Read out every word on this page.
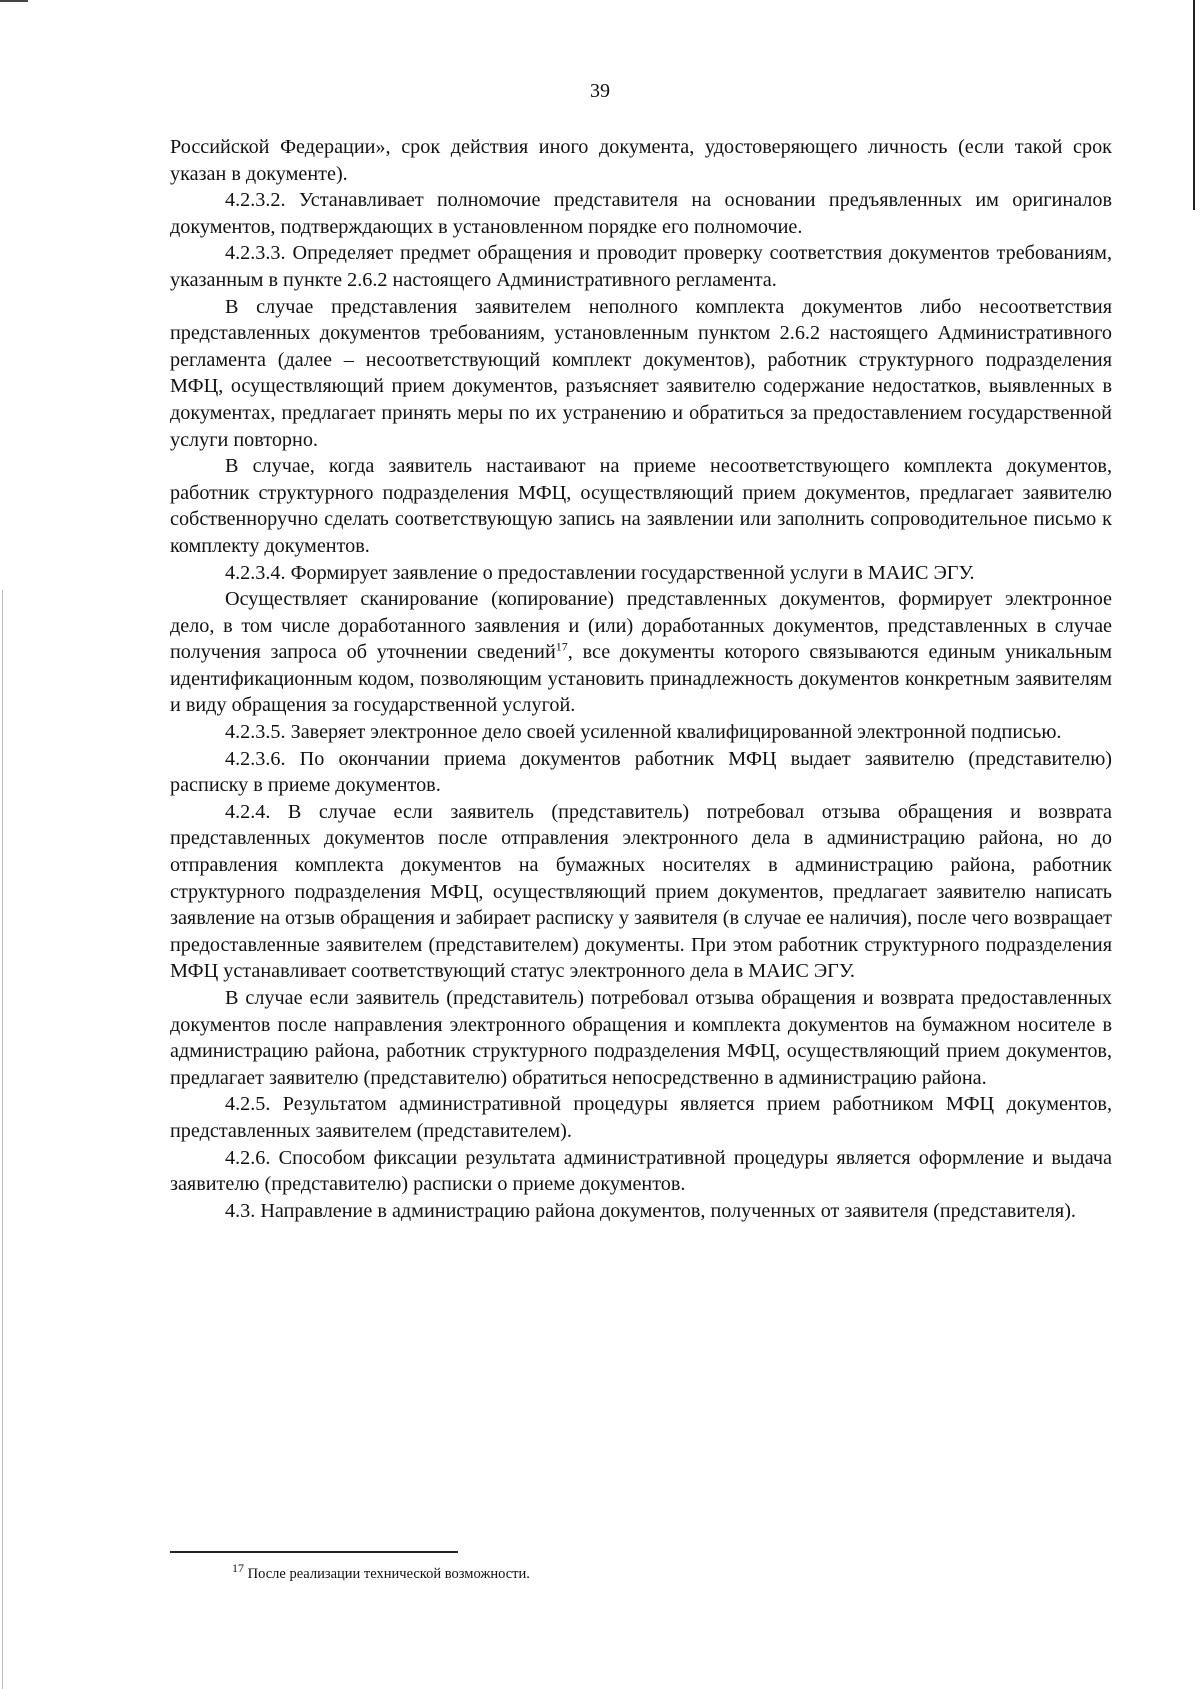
39

Российской Федерации», срок действия иного документа, удостоверяющего личность (если такой срок указан в документе).

4.2.3.2. Устанавливает полномочие представителя на основании предъявленных им оригиналов документов, подтверждающих в установленном порядке его полномочие.

4.2.3.3. Определяет предмет обращения и проводит проверку соответствия документов требованиям, указанным в пункте 2.6.2 настоящего Административного регламента.

В случае представления заявителем неполного комплекта документов либо несоответствия представленных документов требованиям, установленным пунктом 2.6.2 настоящего Административного регламента (далее – несоответствующий комплект документов), работник структурного подразделения МФЦ, осуществляющий прием документов, разъясняет заявителю содержание недостатков, выявленных в документах, предлагает принять меры по их устранению и обратиться за предоставлением государственной услуги повторно.

В случае, когда заявитель настаивают на приеме несоответствующего комплекта документов, работник структурного подразделения МФЦ, осуществляющий прием документов, предлагает заявителю собственноручно сделать соответствующую запись на заявлении или заполнить сопроводительное письмо к комплекту документов.

4.2.3.4. Формирует заявление о предоставлении государственной услуги в МАИС ЭГУ.

Осуществляет сканирование (копирование) представленных документов, формирует электронное дело, в том числе доработанного заявления и (или) доработанных документов, представленных в случае получения запроса об уточнении сведений$^{17}$, все документы которого связываются единым уникальным идентификационным кодом, позволяющим установить принадлежность документов конкретным заявителям и виду обращения за государственной услугой.

4.2.3.5. Заверяет электронное дело своей усиленной квалифицированной электронной подписью.

4.2.3.6. По окончании приема документов работник МФЦ выдает заявителю (представителю) расписку в приеме документов.

4.2.4. В случае если заявитель (представитель) потребовал отзыва обращения и возврата представленных документов после отправления электронного дела в администрацию района, но до отправления комплекта документов на бумажных носителях в администрацию района, работник структурного подразделения МФЦ, осуществляющий прием документов, предлагает заявителю написать заявление на отзыв обращения и забирает расписку у заявителя (в случае ее наличия), после чего возвращает предоставленные заявителем (представителем) документы. При этом работник структурного подразделения МФЦ устанавливает соответствующий статус электронного дела в МАИС ЭГУ.

В случае если заявитель (представитель) потребовал отзыва обращения и возврата предоставленных документов после направления электронного обращения и комплекта документов на бумажном носителе в администрацию района, работник структурного подразделения МФЦ, осуществляющий прием документов, предлагает заявителю (представителю) обратиться непосредственно в администрацию района.

4.2.5. Результатом административной процедуры является прием работником МФЦ документов, представленных заявителем (представителем).

4.2.6. Способом фиксации результата административной процедуры является оформление и выдача заявителю (представителю) расписки о приеме документов.

4.3. Направление в администрацию района документов, полученных от заявителя (представителя).

$^{17}$ После реализации технической возможности.
